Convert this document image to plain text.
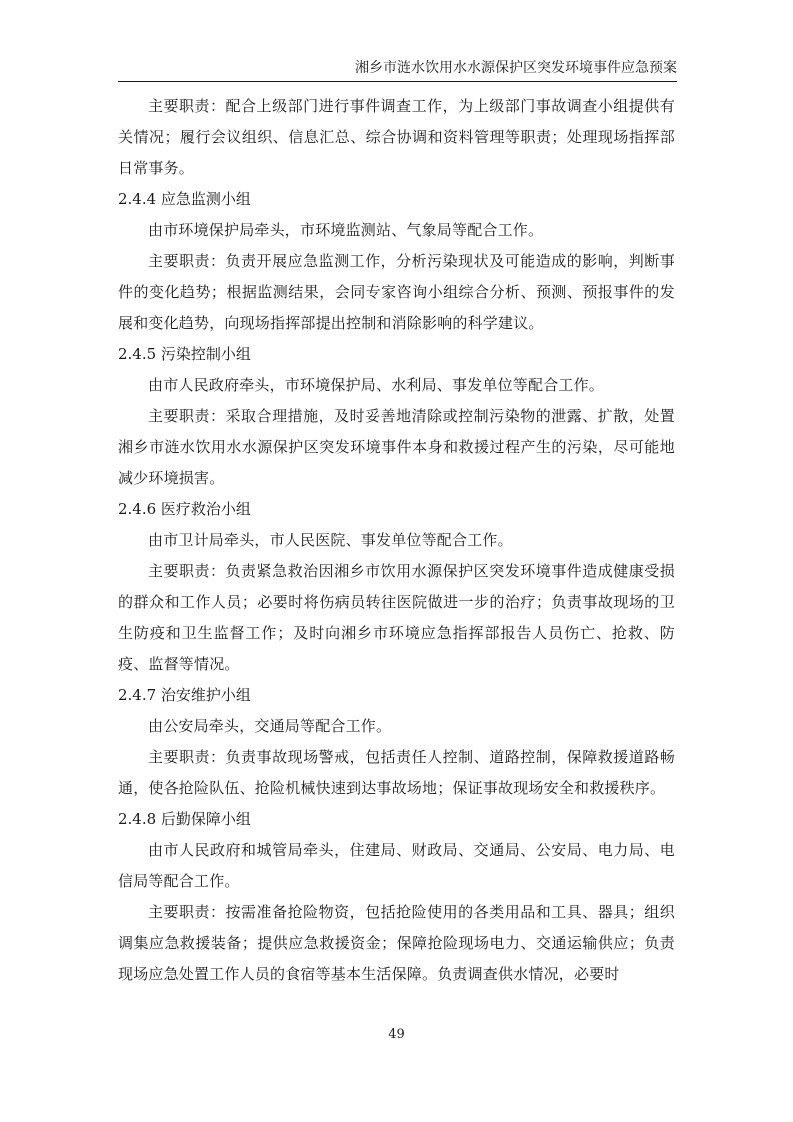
湘乡市涟水饮用水水源保护区突发环境事件应急预案

主要职责：配合上级部门进行事件调查工作，为上级部门事故调查小组提供有关情况；履行会议组织、信息汇总、综合协调和资料管理等职责；处理现场指挥部日常事务。

2.4.4 应急监测小组

由市环境保护局牵头，市环境监测站、气象局等配合工作。

主要职责：负责开展应急监测工作，分析污染现状及可能造成的影响，判断事件的变化趋势；根据监测结果，会同专家咨询小组综合分析、预测、预报事件的发展和变化趋势，向现场指挥部提出控制和消除影响的科学建议。

2.4.5 污染控制小组

由市人民政府牵头，市环境保护局、水利局、事发单位等配合工作。

主要职责：采取合理措施，及时妥善地清除或控制污染物的泄露、扩散，处置湘乡市涟水饮用水水源保护区突发环境事件本身和救援过程产生的污染，尽可能地减少环境损害。

2.4.6 医疗救治小组

由市卫计局牵头，市人民医院、事发单位等配合工作。

主要职责：负责紧急救治因湘乡市饮用水源保护区突发环境事件造成健康受损的群众和工作人员；必要时将伤病员转往医院做进一步的治疗；负责事故现场的卫生防疫和卫生监督工作；及时向湘乡市环境应急指挥部报告人员伤亡、抢救、防疫、监督等情况。

2.4.7 治安维护小组

由公安局牵头，交通局等配合工作。

主要职责：负责事故现场警戒，包括责任人控制、道路控制，保障救援道路畅通，使各抢险队伍、抢险机械快速到达事故场地；保证事故现场安全和救援秩序。

2.4.8 后勤保障小组

由市人民政府和城管局牵头，住建局、财政局、交通局、公安局、电力局、电信局等配合工作。

主要职责：按需准备抢险物资，包括抢险使用的各类用品和工具、器具；组织调集应急救援装备；提供应急救援资金；保障抢险现场电力、交通运输供应；负责现场应急处置工作人员的食宿等基本生活保障。负责调查供水情况，必要时

49
